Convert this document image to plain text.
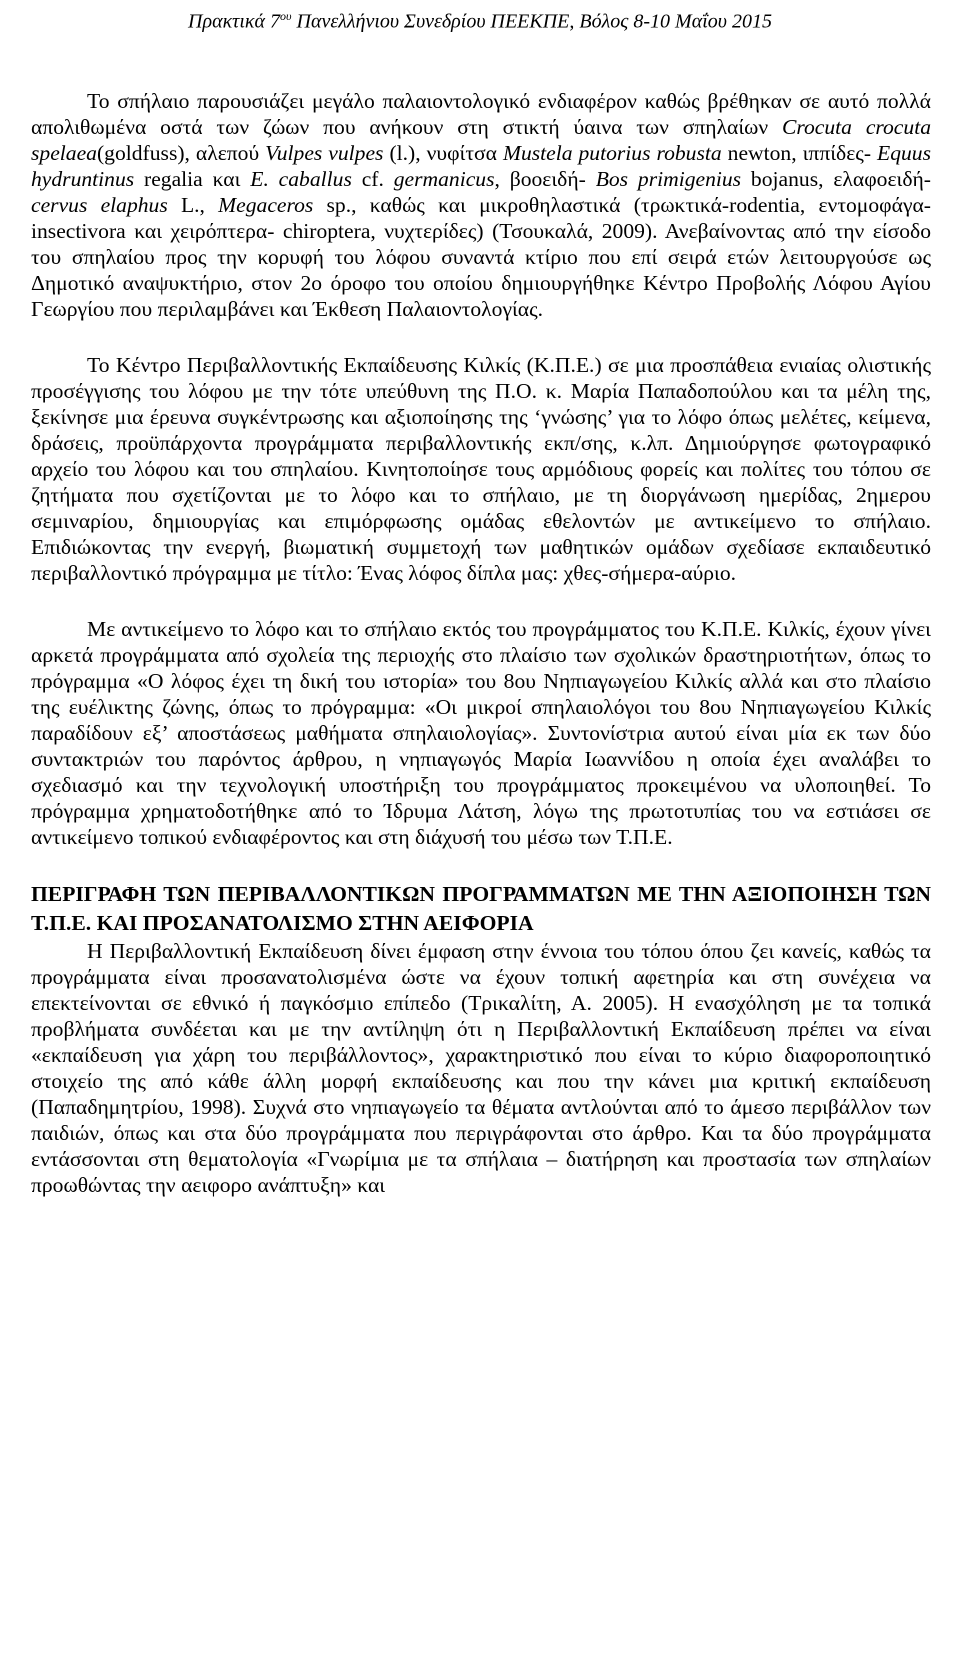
Πρακτικά $7^{o\upsilon}$ Πανελλήνιου Συνεδρίου ΠΕΕΚΠΕ, Βόλος 8-10 Μαΐου 2015

Το σπήλαιο παρουσιάζει μεγάλο παλαιοντολογικό ενδιαφέρον καθώς βρέθηκαν σε αυτό πολλά απολιθωμένα οστά των ζώων που ανήκουν στη στικτή ύαινα των σπηλαίων Crocuta crocuta spelaea(goldfuss), αλεπού Vulpes vulpes (l.), νυφίτσα Mustela putorius robusta newton, ιππίδες- Equus hydruntinus regalia και E. caballus cf. germanicus, βοοειδή- Bos primigenius bojanus, ελαφοειδή- cervus elaphus L., Megaceros sp., καθώς και μικροθηλαστικά (τρωκτικά-rodentia, εντομοφάγα-insectivora και χειρόπτερα- chiroptera, νυχτερίδες) (Τσουκαλά, 2009). Ανεβαίνοντας από την είσοδο του σπηλαίου προς την κορυφή του λόφου συναντά κτίριο που επί σειρά ετών λειτουργούσε ως Δημοτικό αναψυκτήριο, στον 2ο όροφο του οποίου δημιουργήθηκε Κέντρο Προβολής Λόφου Αγίου Γεωργίου που περιλαμβάνει και Έκθεση Παλαιοντολογίας.

Το Κέντρο Περιβαλλοντικής Εκπαίδευσης Κιλκίς (Κ.Π.Ε.) σε μια προσπάθεια ενιαίας ολιστικής προσέγγισης του λόφου με την τότε υπεύθυνη της Π.Ο. κ. Μαρία Παπαδοπούλου και τα μέλη της, ξεκίνησε μια έρευνα συγκέντρωσης και αξιοποίησης της ‘γνώσης’ για το λόφο όπως μελέτες, κείμενα, δράσεις, προϋπάρχοντα προγράμματα περιβαλλοντικής εκπ/σης, κ.λπ. Δημιούργησε φωτογραφικό αρχείο του λόφου και του σπηλαίου. Κινητοποίησε τους αρμόδιους φορείς και πολίτες του τόπου σε ζητήματα που σχετίζονται με το λόφο και το σπήλαιο, με τη διοργάνωση ημερίδας, 2ημερου σεμιναρίου, δημιουργίας και επιμόρφωσης ομάδας εθελοντών με αντικείμενο το σπήλαιο. Επιδιώκοντας την ενεργή, βιωματική συμμετοχή των μαθητικών ομάδων σχεδίασε εκπαιδευτικό περιβαλλοντικό πρόγραμμα με τίτλο: Ένας λόφος δίπλα μας: χθες-σήμερα-αύριο.

Με αντικείμενο το λόφο και το σπήλαιο εκτός του προγράμματος του Κ.Π.Ε. Κιλκίς, έχουν γίνει αρκετά προγράμματα από σχολεία της περιοχής στο πλαίσιο των σχολικών δραστηριοτήτων, όπως το πρόγραμμα «Ο λόφος έχει τη δική του ιστορία» του 8ου Νηπιαγωγείου Κιλκίς αλλά και στο πλαίσιο της ευέλικτης ζώνης, όπως το πρόγραμμα: «Οι μικροί σπηλαιολόγοι του 8ου Νηπιαγωγείου Κιλκίς παραδίδουν εξ’ αποστάσεως μαθήματα σπηλαιολογίας». Συντονίστρια αυτού είναι μία εκ των δύο συντακτριών του παρόντος άρθρου, η νηπιαγωγός Μαρία Ιωαννίδου η οποία έχει αναλάβει το σχεδιασμό και την τεχνολογική υποστήριξη του προγράμματος προκειμένου να υλοποιηθεί. Το πρόγραμμα χρηματοδοτήθηκε από το Ίδρυμα Λάτση, λόγω της πρωτοτυπίας του να εστιάσει σε αντικείμενο τοπικού ενδιαφέροντος και στη διάχυσή του μέσω των Τ.Π.Ε.

ΠΕΡΙΓΡΑΦΗ ΤΩΝ ΠΕΡΙΒΑΛΛΟΝΤΙΚΩΝ ΠΡΟΓΡΑΜΜΑΤΩΝ ΜΕ ΤΗΝ ΑΞΙΟΠΟΙΗΣΗ ΤΩΝ Τ.Π.Ε. ΚΑΙ ΠΡΟΣΑΝΑΤΟΛΙΣΜΟ ΣΤΗΝ ΑΕΙΦΟΡΙΑ

Η Περιβαλλοντική Εκπαίδευση δίνει έμφαση στην έννοια του τόπου όπου ζει κανείς, καθώς τα προγράμματα είναι προσανατολισμένα ώστε να έχουν τοπική αφετηρία και στη συνέχεια να επεκτείνονται σε εθνικό ή παγκόσμιο επίπεδο (Τρικαλίτη, Α. 2005). Η ενασχόληση με τα τοπικά προβλήματα συνδέεται και με την αντίληψη ότι η Περιβαλλοντική Εκπαίδευση πρέπει να είναι «εκπαίδευση για χάρη του περιβάλλοντος», χαρακτηριστικό που είναι το κύριο διαφοροποιητικό στοιχείο της από κάθε άλλη μορφή εκπαίδευσης και που την κάνει μια κριτική εκπαίδευση (Παπαδημητρίου, 1998). Συχνά στο νηπιαγωγείο τα θέματα αντλούνται από το άμεσο περιβάλλον των παιδιών, όπως και στα δύο προγράμματα που περιγράφονται στο άρθρο. Και τα δύο προγράμματα εντάσσονται στη θεματολογία «Γνωρίμια με τα σπήλαια – διατήρηση και προστασία των σπηλαίων προωθώντας την αειφορο ανάπτυξη» και
